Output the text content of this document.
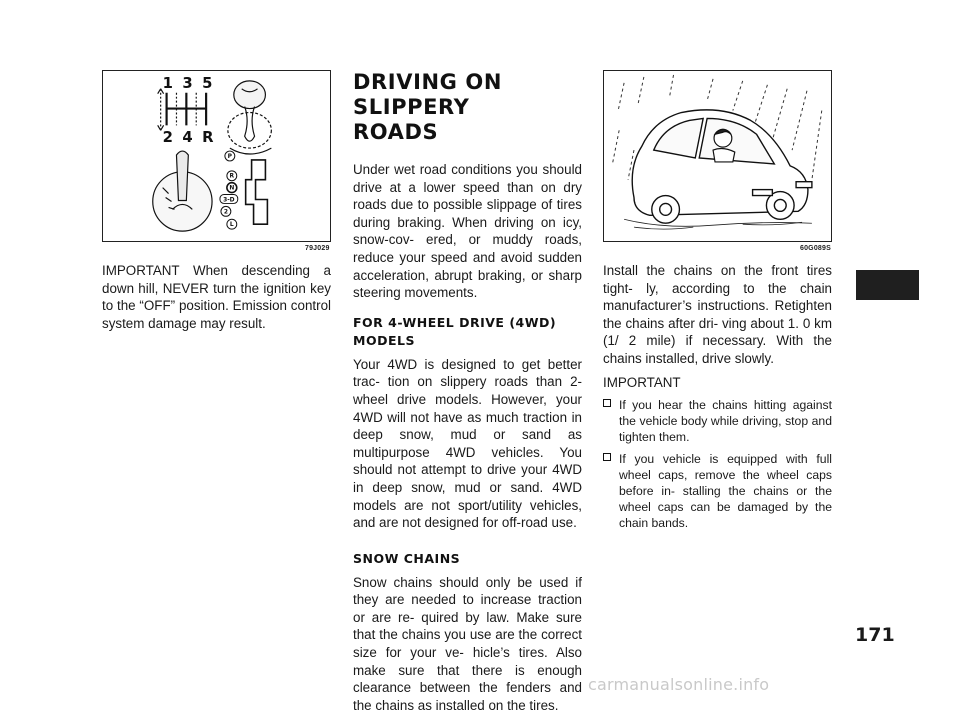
1 3 5
2 4 R
P
R
N
3-D
2
L
79J029	60G089S

IMPORTANT When descending a down hill, NEVER turn the ignition key to the “OFF” position. Emission control system damage may result.

DRIVING ON SLIPPERY
ROADS

Under wet road conditions you should drive at a lower speed than on dry roads due to possible slippage of tires during braking. When driving on icy, snow-cov- ered, or muddy roads, reduce your speed and avoid sudden acceleration, abrupt braking, or sharp steering movements.

FOR 4-WHEEL DRIVE (4WD)
MODELS

Your 4WD is designed to get better trac- tion on slippery roads than 2-wheel drive models. However, your 4WD will not have as much traction in deep snow, mud or sand as multipurpose 4WD vehicles. You should not attempt to drive your 4WD in deep snow, mud or sand. 4WD models are not sport/utility vehicles, and are not designed for off-road use.

SNOW CHAINS

Snow chains should only be used if they are needed to increase traction or are re- quired by law. Make sure that the chains you use are the correct size for your ve- hicle’s tires. Also make sure that there is enough clearance between the fenders and the chains as installed on the tires.

Install the chains on the front tires tight- ly, according to the chain manufacturer’s instructions. Retighten the chains after dri- ving about 1. 0 km (1/ 2 mile) if necessary. With the chains installed, drive slowly.

IMPORTANT

If you hear the chains hitting against the vehicle body while driving, stop and tighten them.
If you vehicle is equipped with full wheel caps, remove the wheel caps before in- stalling the chains or the wheel caps can be damaged by the chain bands.
171
carmanualsonline.info
